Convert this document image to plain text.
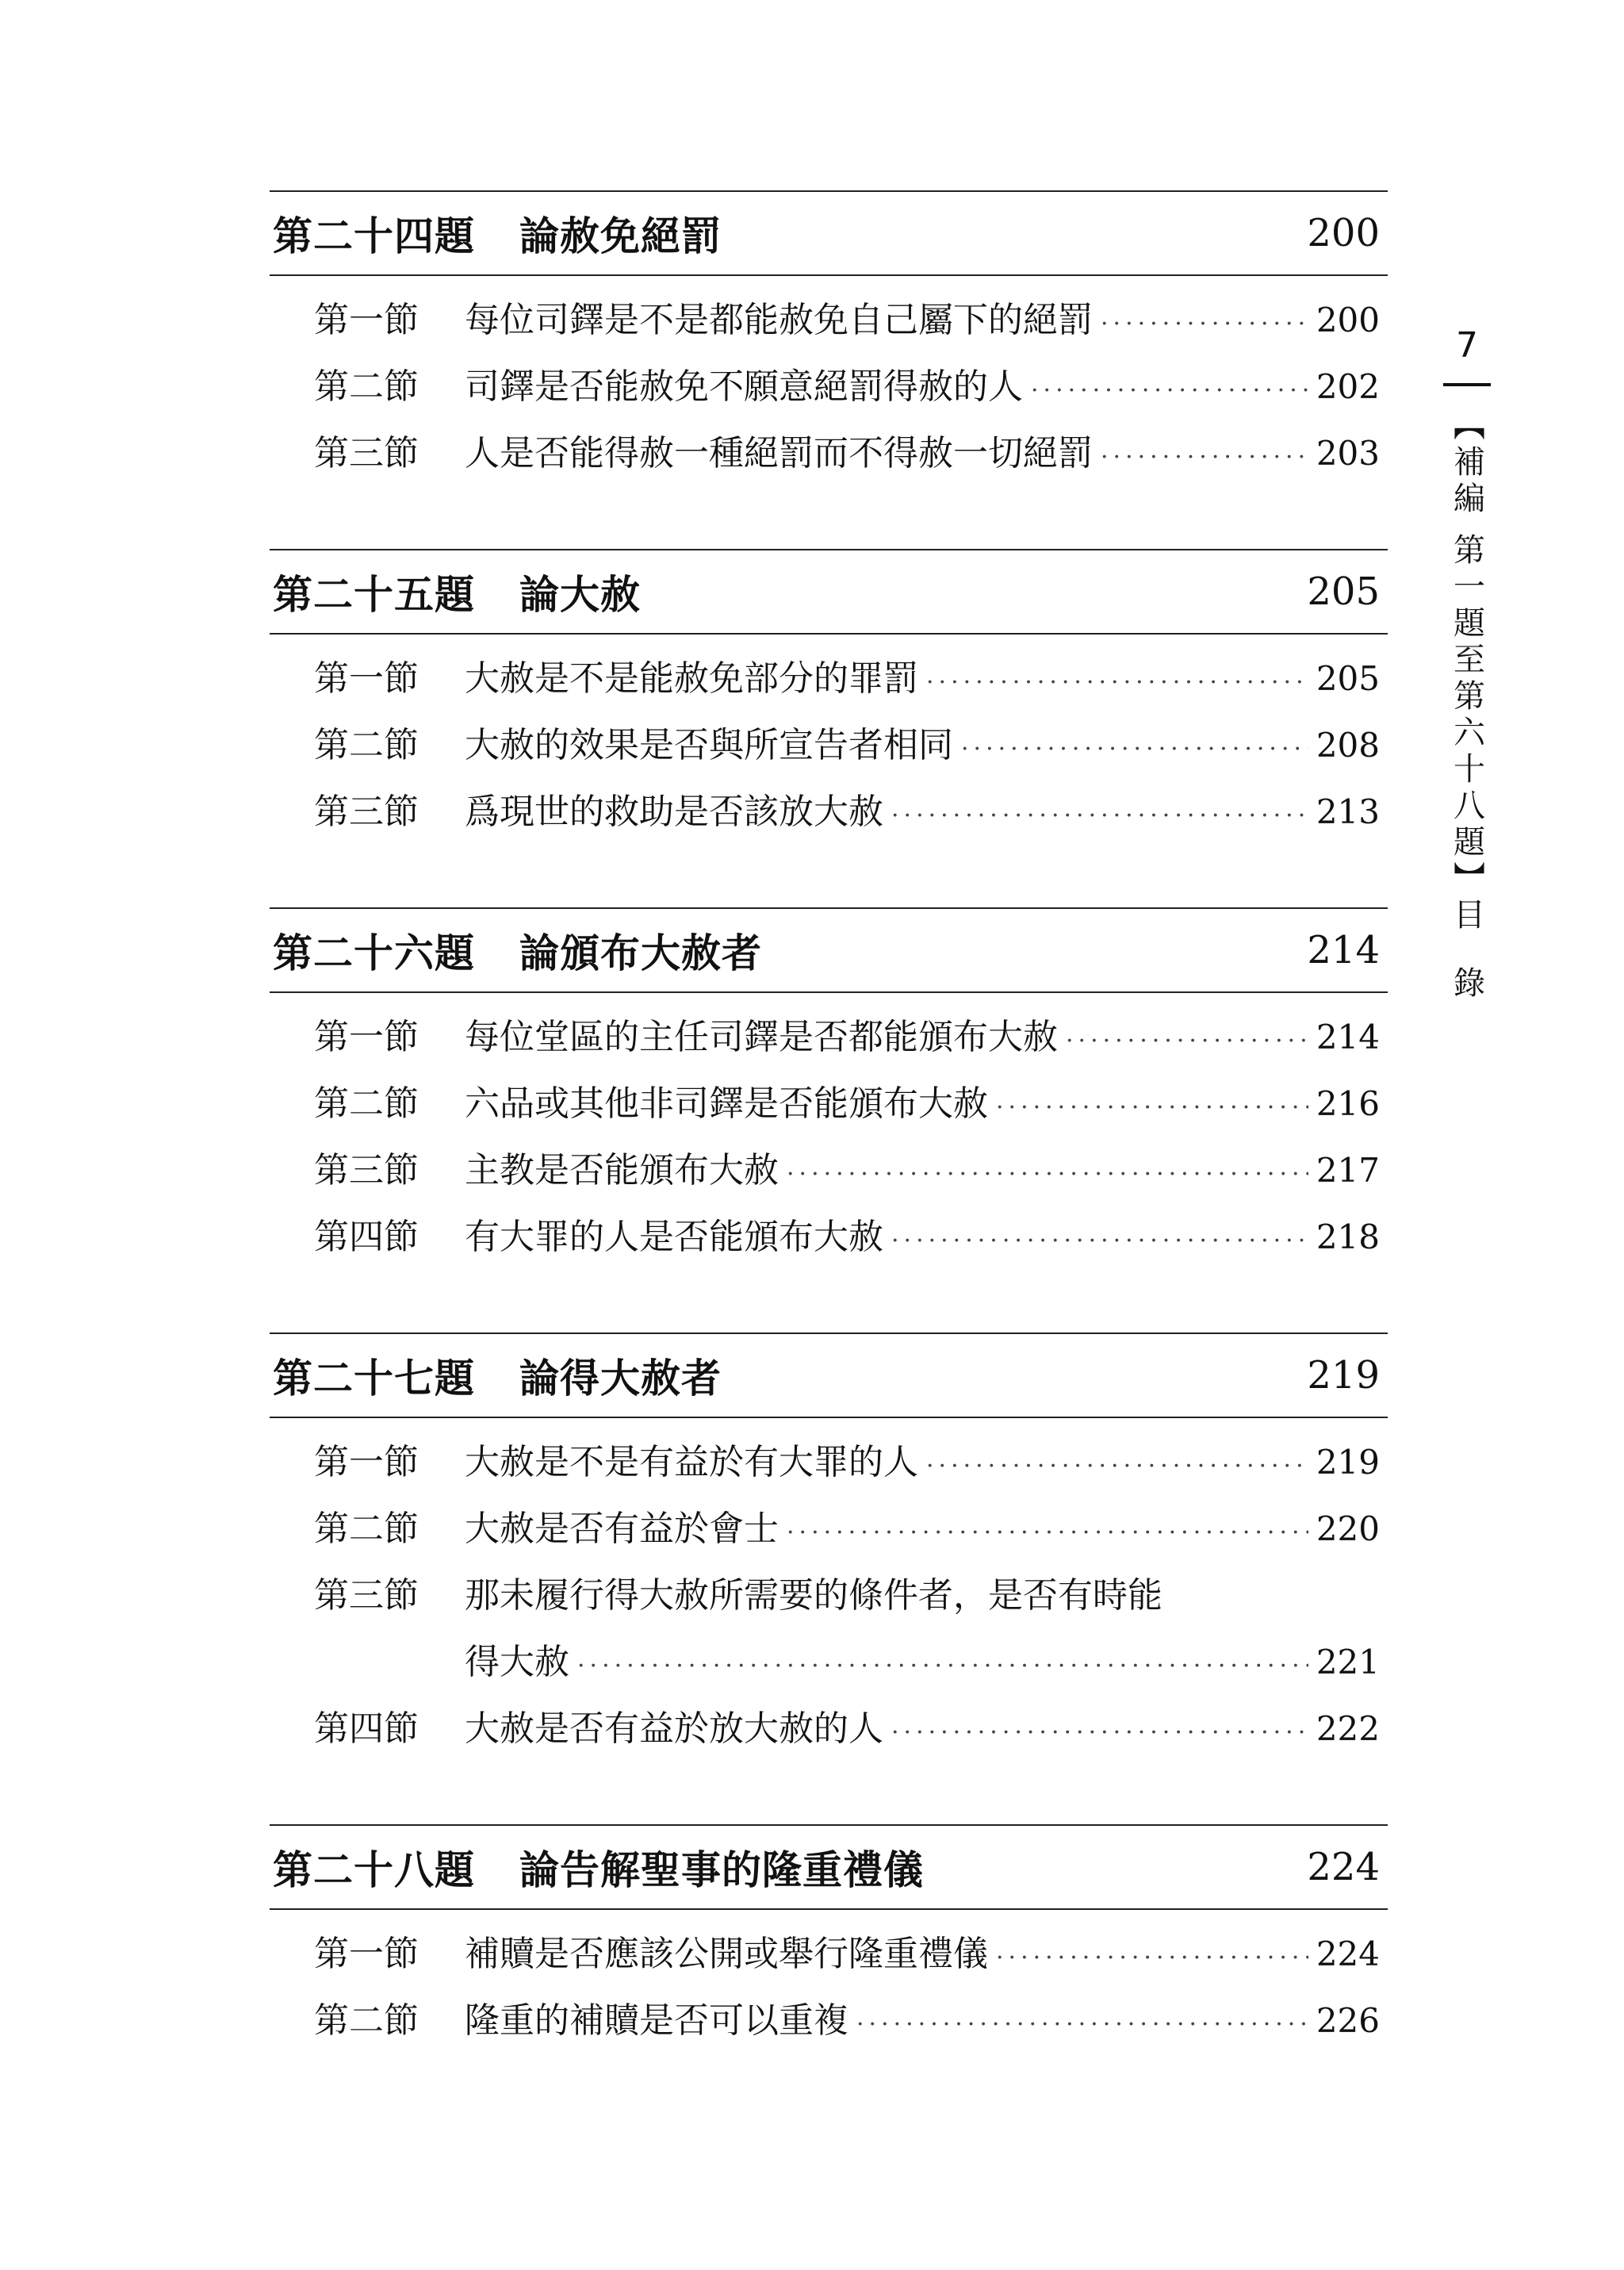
第二十四題 論赦免絕罰	200
第一節	每位司鐸是不是都能赦免自己屬下的絕罰 ·····	200
第二節	司鐸是否能赦免不願意絕罰得赦的人 ·····	202
第三節	人是否能得赦一種絕罰而不得赦一切絕罰 ·····	203
第二十五題 論大赦	205
第一節	大赦是不是能赦免部分的罪罰 ·····	205
第二節	大赦的效果是否與所宣告者相同 ·····	208
第三節	爲現世的救助是否該放大赦 ·····	213
第二十六題 論頒布大赦者	214
第一節	每位堂區的主任司鐸是否都能頒布大赦 ·····	214
第二節	六品或其他非司鐸是否能頒布大赦 ·····	216
第三節	主教是否能頒布大赦 ·····	217
第四節	有大罪的人是否能頒布大赦 ·····	218
第二十七題 論得大赦者	219
第一節	大赦是不是有益於有大罪的人 ·····	219
第二節	大赦是否有益於會士 ·····	220
第三節	那未履行得大赦所需要的條件者，是否有時能
得大赦 ·····	221
第四節	大赦是否有益於放大赦的人 ·····	222
第二十八題 論告解聖事的隆重禮儀	224
第一節	補贖是否應該公開或舉行隆重禮儀 ·····	224
第二節	隆重的補贖是否可以重複 ·····	226
7
【補編 第一題至第六十八題】目
錄
